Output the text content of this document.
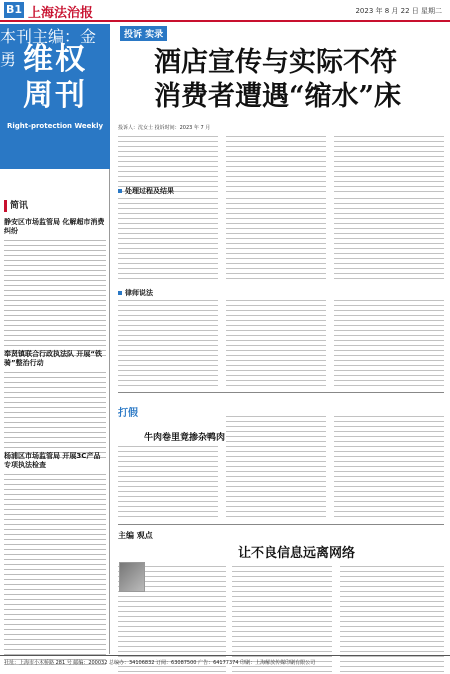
B1 上海法治报	2023 年 8 月 22 日 星期二
维权
周刊
Right-protection Weekly
本刊主编：金 勇
简讯
静安区市场监管局 化解超市消费纠纷
奉贤镇联合行政执法队 开展“铁骑”整治行动
杨浦区市场监管局 开展3C产品专项执法检查
投诉 实录
酒店宣传与实际不符
消费者遭遇“缩水”床
投诉人：沈女士 投诉时间：2023 年 7 月
处理过程及结果
律师说法
打假
牛肉卷里竟掺杂鸭肉
主编 观点
让不良信息远离网络
社址：上海市小木桥路 281 号 邮编：200032 总编办：34106832 订阅：63087500 广告：64177374 印刷：上海解放传媒印刷有限公司
